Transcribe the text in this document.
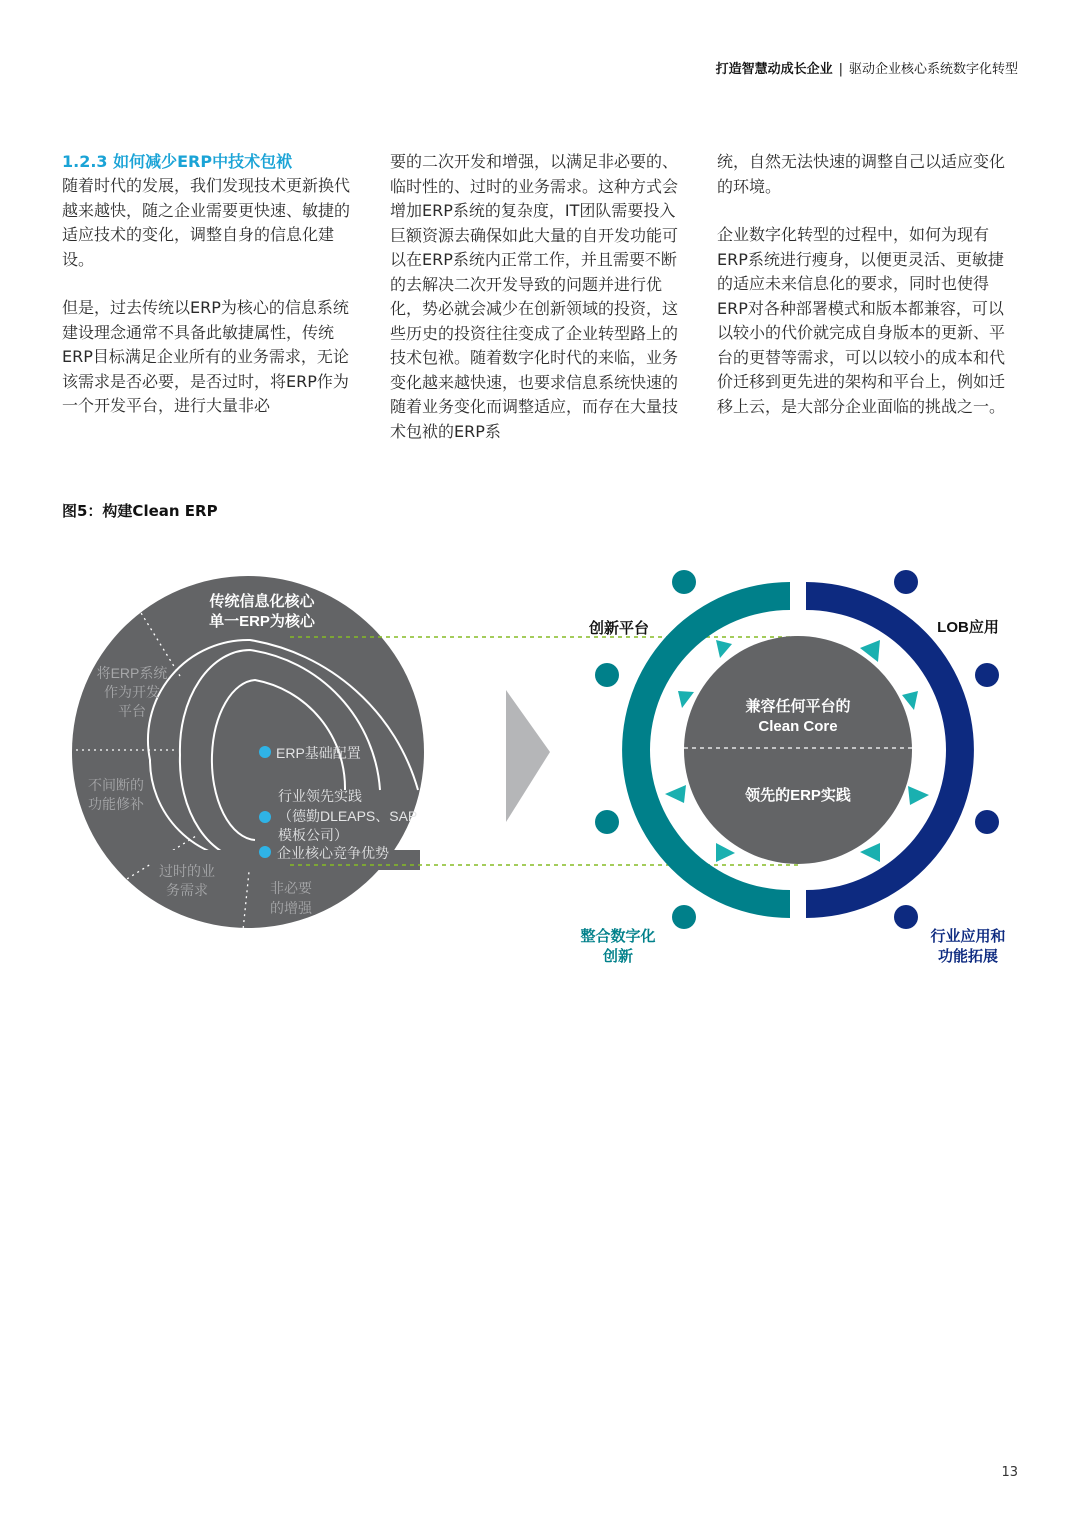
打造智慧动成长企业 | 驱动企业核心系统数字化转型
1.2.3 如何减少ERP中技术包袱

随着时代的发展，我们发现技术更新换代越来越快，随之企业需要更快速、敏捷的适应技术的变化，调整自身的信息化建设。

但是，过去传统以ERP为核心的信息系统建设理念通常不具备此敏捷属性，传统ERP目标满足企业所有的业务需求，无论该需求是否必要，是否过时，将ERP作为一个开发平台，进行大量非必

要的二次开发和增强，以满足非必要的、临时性的、过时的业务需求。这种方式会增加ERP系统的复杂度，IT团队需要投入巨额资源去确保如此大量的自开发功能可以在ERP系统内正常工作，并且需要不断的去解决二次开发导致的问题并进行优化，势必就会减少在创新领域的投资，这些历史的投资往往变成了企业转型路上的技术包袱。随着数字化时代的来临，业务变化越来越快速，也要求信息系统快速的随着业务变化而调整适应，而存在大量技术包袱的ERP系

统，自然无法快速的调整自己以适应变化的环境。

企业数字化转型的过程中，如何为现有ERP系统进行瘦身，以便更灵活、更敏捷的适应未来信息化的要求，同时也使得ERP对各种部署模式和版本都兼容，可以以较小的代价就完成自身版本的更新、平台的更替等需求，可以以较小的成本和代价迁移到更先进的架构和平台上，例如迁移上云，是大部分企业面临的挑战之一。

图5：构建Clean ERP
传统信息化核心
单一ERP为核心
将ERP系统
作为开发
平台
不间断的
功能修补
过时的业
务需求	非必要
的增强
ERP基础配置
行业领先实践
（德勤DLEAPS、SAP
模板公司）
企业核心竞争优势
兼容任何平台的
Clean Core
领先的ERP实践
创新平台	LOB应用
整合数字化
创新
行业应用和
功能拓展
13
